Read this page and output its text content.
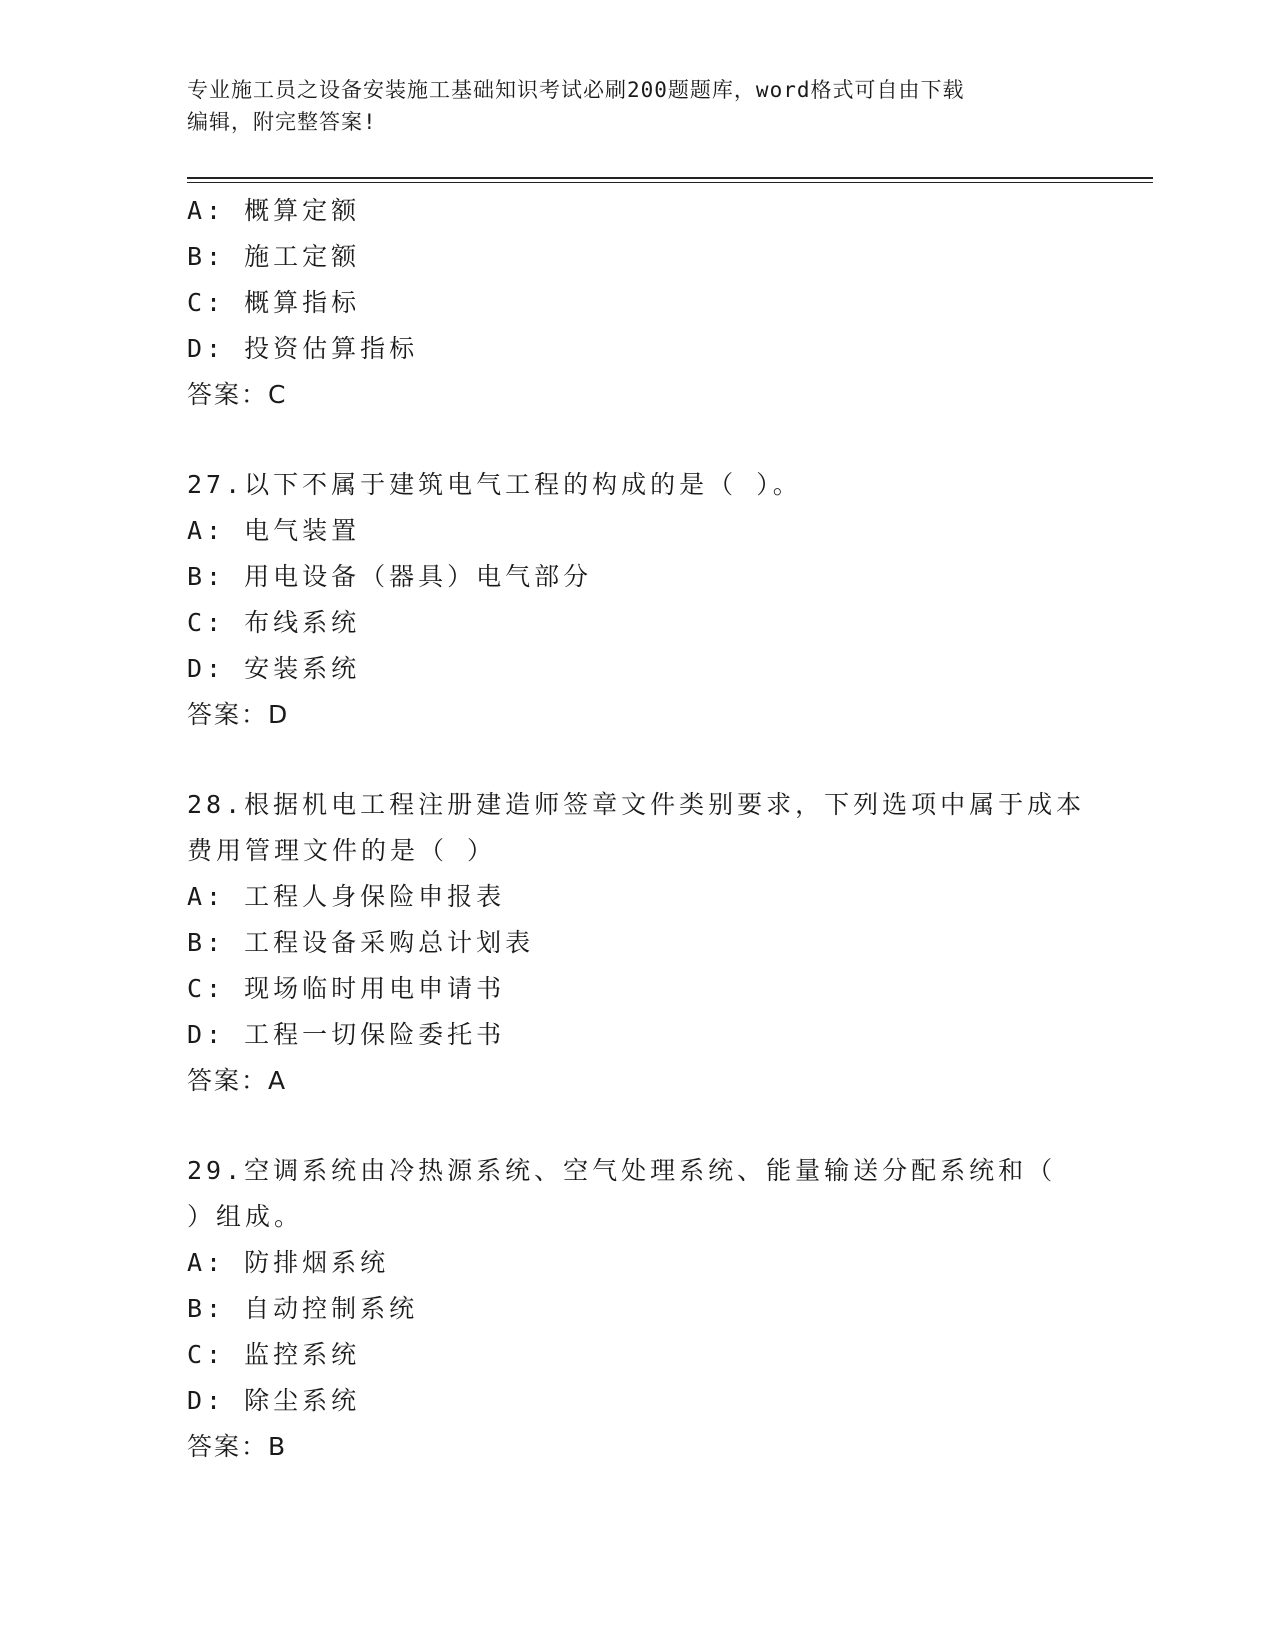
专业施工员之设备安装施工基础知识考试必刷200题题库，word格式可自由下载
编辑，附完整答案!
A: 概算定额
B: 施工定额
C: 概算指标
D: 投资估算指标
答案：C
27.以下不属于建筑电气工程的构成的是（ ）。
A: 电气装置
B: 用电设备（器具）电气部分
C: 布线系统
D: 安装系统
答案：D
28.根据机电工程注册建造师签章文件类别要求，下列选项中属于成本
费用管理文件的是（ ）
A: 工程人身保险申报表
B: 工程设备采购总计划表
C: 现场临时用电申请书
D: 工程一切保险委托书
答案：A
29.空调系统由冷热源系统、空气处理系统、能量输送分配系统和（
）组成。
A: 防排烟系统
B: 自动控制系统
C: 监控系统
D: 除尘系统
答案：B
